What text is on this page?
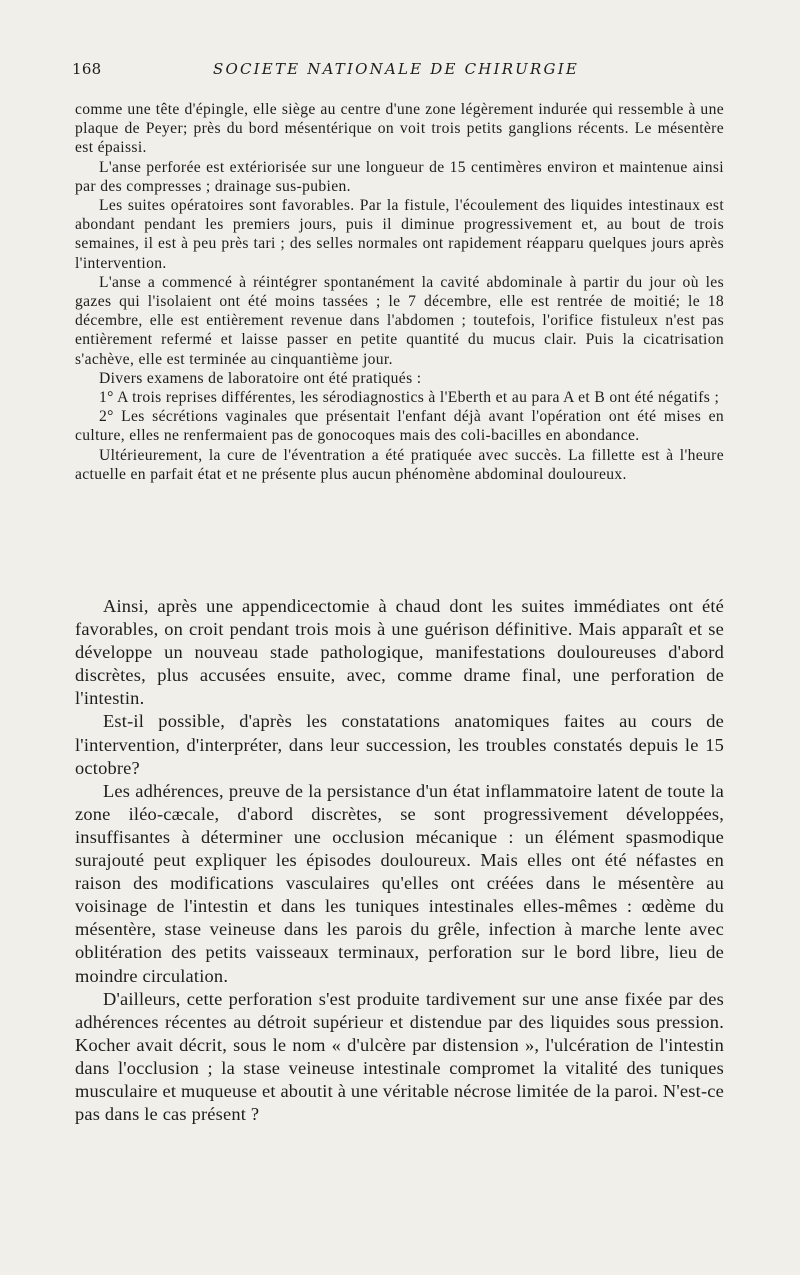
168	SOCIETE NATIONALE DE CHIRURGIE

comme une tête d'épingle, elle siège au centre d'une zone légèrement indurée qui ressemble à une plaque de Peyer; près du bord mésentérique on voit trois petits ganglions récents. Le mésentère est épaissi.

L'anse perforée est extériorisée sur une longueur de 15 centimères environ et maintenue ainsi par des compresses ; drainage sus-pubien.

Les suites opératoires sont favorables. Par la fistule, l'écoulement des liquides intestinaux est abondant pendant les premiers jours, puis il diminue progressivement et, au bout de trois semaines, il est à peu près tari ; des selles normales ont rapidement réapparu quelques jours après l'intervention.

L'anse a commencé à réintégrer spontanément la cavité abdominale à partir du jour où les gazes qui l'isolaient ont été moins tassées ; le 7 décembre, elle est rentrée de moitié; le 18 décembre, elle est entièrement revenue dans l'abdomen ; toutefois, l'orifice fistuleux n'est pas entièrement refermé et laisse passer en petite quantité du mucus clair. Puis la cicatrisation s'achève, elle est terminée au cinquantième jour.

Divers examens de laboratoire ont été pratiqués :

1° A trois reprises différentes, les sérodiagnostics à l'Eberth et au para A et B ont été négatifs ;

2° Les sécrétions vaginales que présentait l'enfant déjà avant l'opération ont été mises en culture, elles ne renfermaient pas de gonocoques mais des coli-bacilles en abondance.

Ultérieurement, la cure de l'éventration a été pratiquée avec succès. La fillette est à l'heure actuelle en parfait état et ne présente plus aucun phénomène abdominal douloureux.

Ainsi, après une appendicectomie à chaud dont les suites immédiates ont été favorables, on croit pendant trois mois à une guérison définitive. Mais apparaît et se développe un nouveau stade pathologique, manifestations douloureuses d'abord discrètes, plus accusées ensuite, avec, comme drame final, une perforation de l'intestin.

Est-il possible, d'après les constatations anatomiques faites au cours de l'intervention, d'interpréter, dans leur succession, les troubles constatés depuis le 15 octobre?

Les adhérences, preuve de la persistance d'un état inflammatoire latent de toute la zone iléo-cæcale, d'abord discrètes, se sont progressivement développées, insuffisantes à déterminer une occlusion mécanique : un élément spasmodique surajouté peut expliquer les épisodes douloureux. Mais elles ont été néfastes en raison des modifications vasculaires qu'elles ont créées dans le mésentère au voisinage de l'intestin et dans les tuniques intestinales elles-mêmes : œdème du mésentère, stase veineuse dans les parois du grêle, infection à marche lente avec oblitération des petits vaisseaux terminaux, perforation sur le bord libre, lieu de moindre circulation.

D'ailleurs, cette perforation s'est produite tardivement sur une anse fixée par des adhérences récentes au détroit supérieur et distendue par des liquides sous pression. Kocher avait décrit, sous le nom « d'ulcère par distension », l'ulcération de l'intestin dans l'occlusion ; la stase veineuse intestinale compromet la vitalité des tuniques musculaire et muqueuse et aboutit à une véritable nécrose limitée de la paroi. N'est-ce pas dans le cas présent ?
